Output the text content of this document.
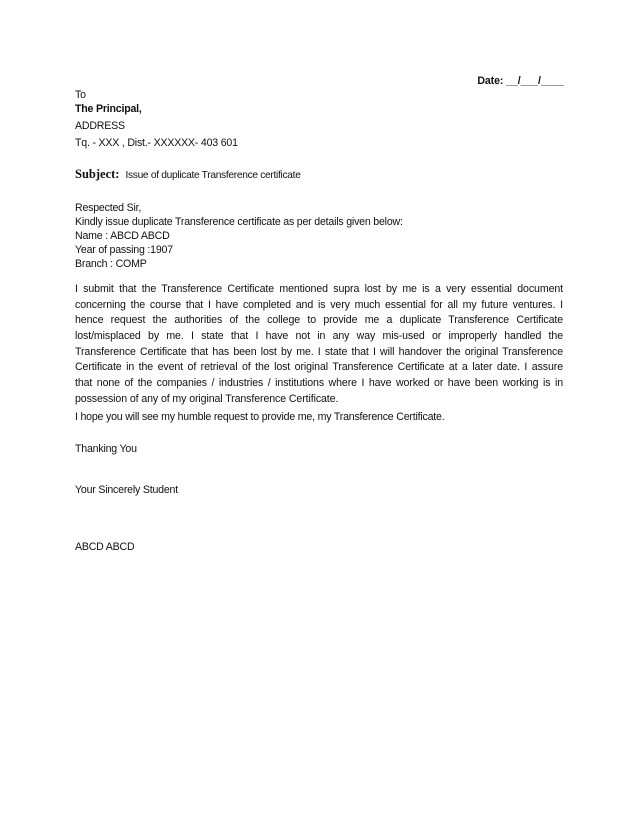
Date: __/___/____
To
The Principal,
ADDRESS
Tq. - XXX , Dist.- XXXXXX- 403 601
Subject: Issue of duplicate Transference certificate
Respected Sir,
Kindly issue duplicate Transference certificate as per details given below:
Name : ABCD ABCD
Year of passing :1907
Branch : COMP
I submit that the Transference Certificate mentioned supra lost by me is a very essential document
concerning the course that I have completed and is very much essential for all my future ventures. I
hence request the authorities of the college to provide me a duplicate Transference Certificate
lost/misplaced by me. I state that I have not in any way mis-used or improperly handled the
Transference Certificate that has been lost by me. I state that I will handover the original Transference
Certificate in the event of retrieval of the lost original Transference Certificate at a later date. I assure
that none of the companies / industries / institutions where I have worked or have been working is in
possession of any of my original Transference Certificate.
I hope you will see my humble request to provide me, my Transference Certificate.
Thanking You
Your Sincerely Student
ABCD ABCD
